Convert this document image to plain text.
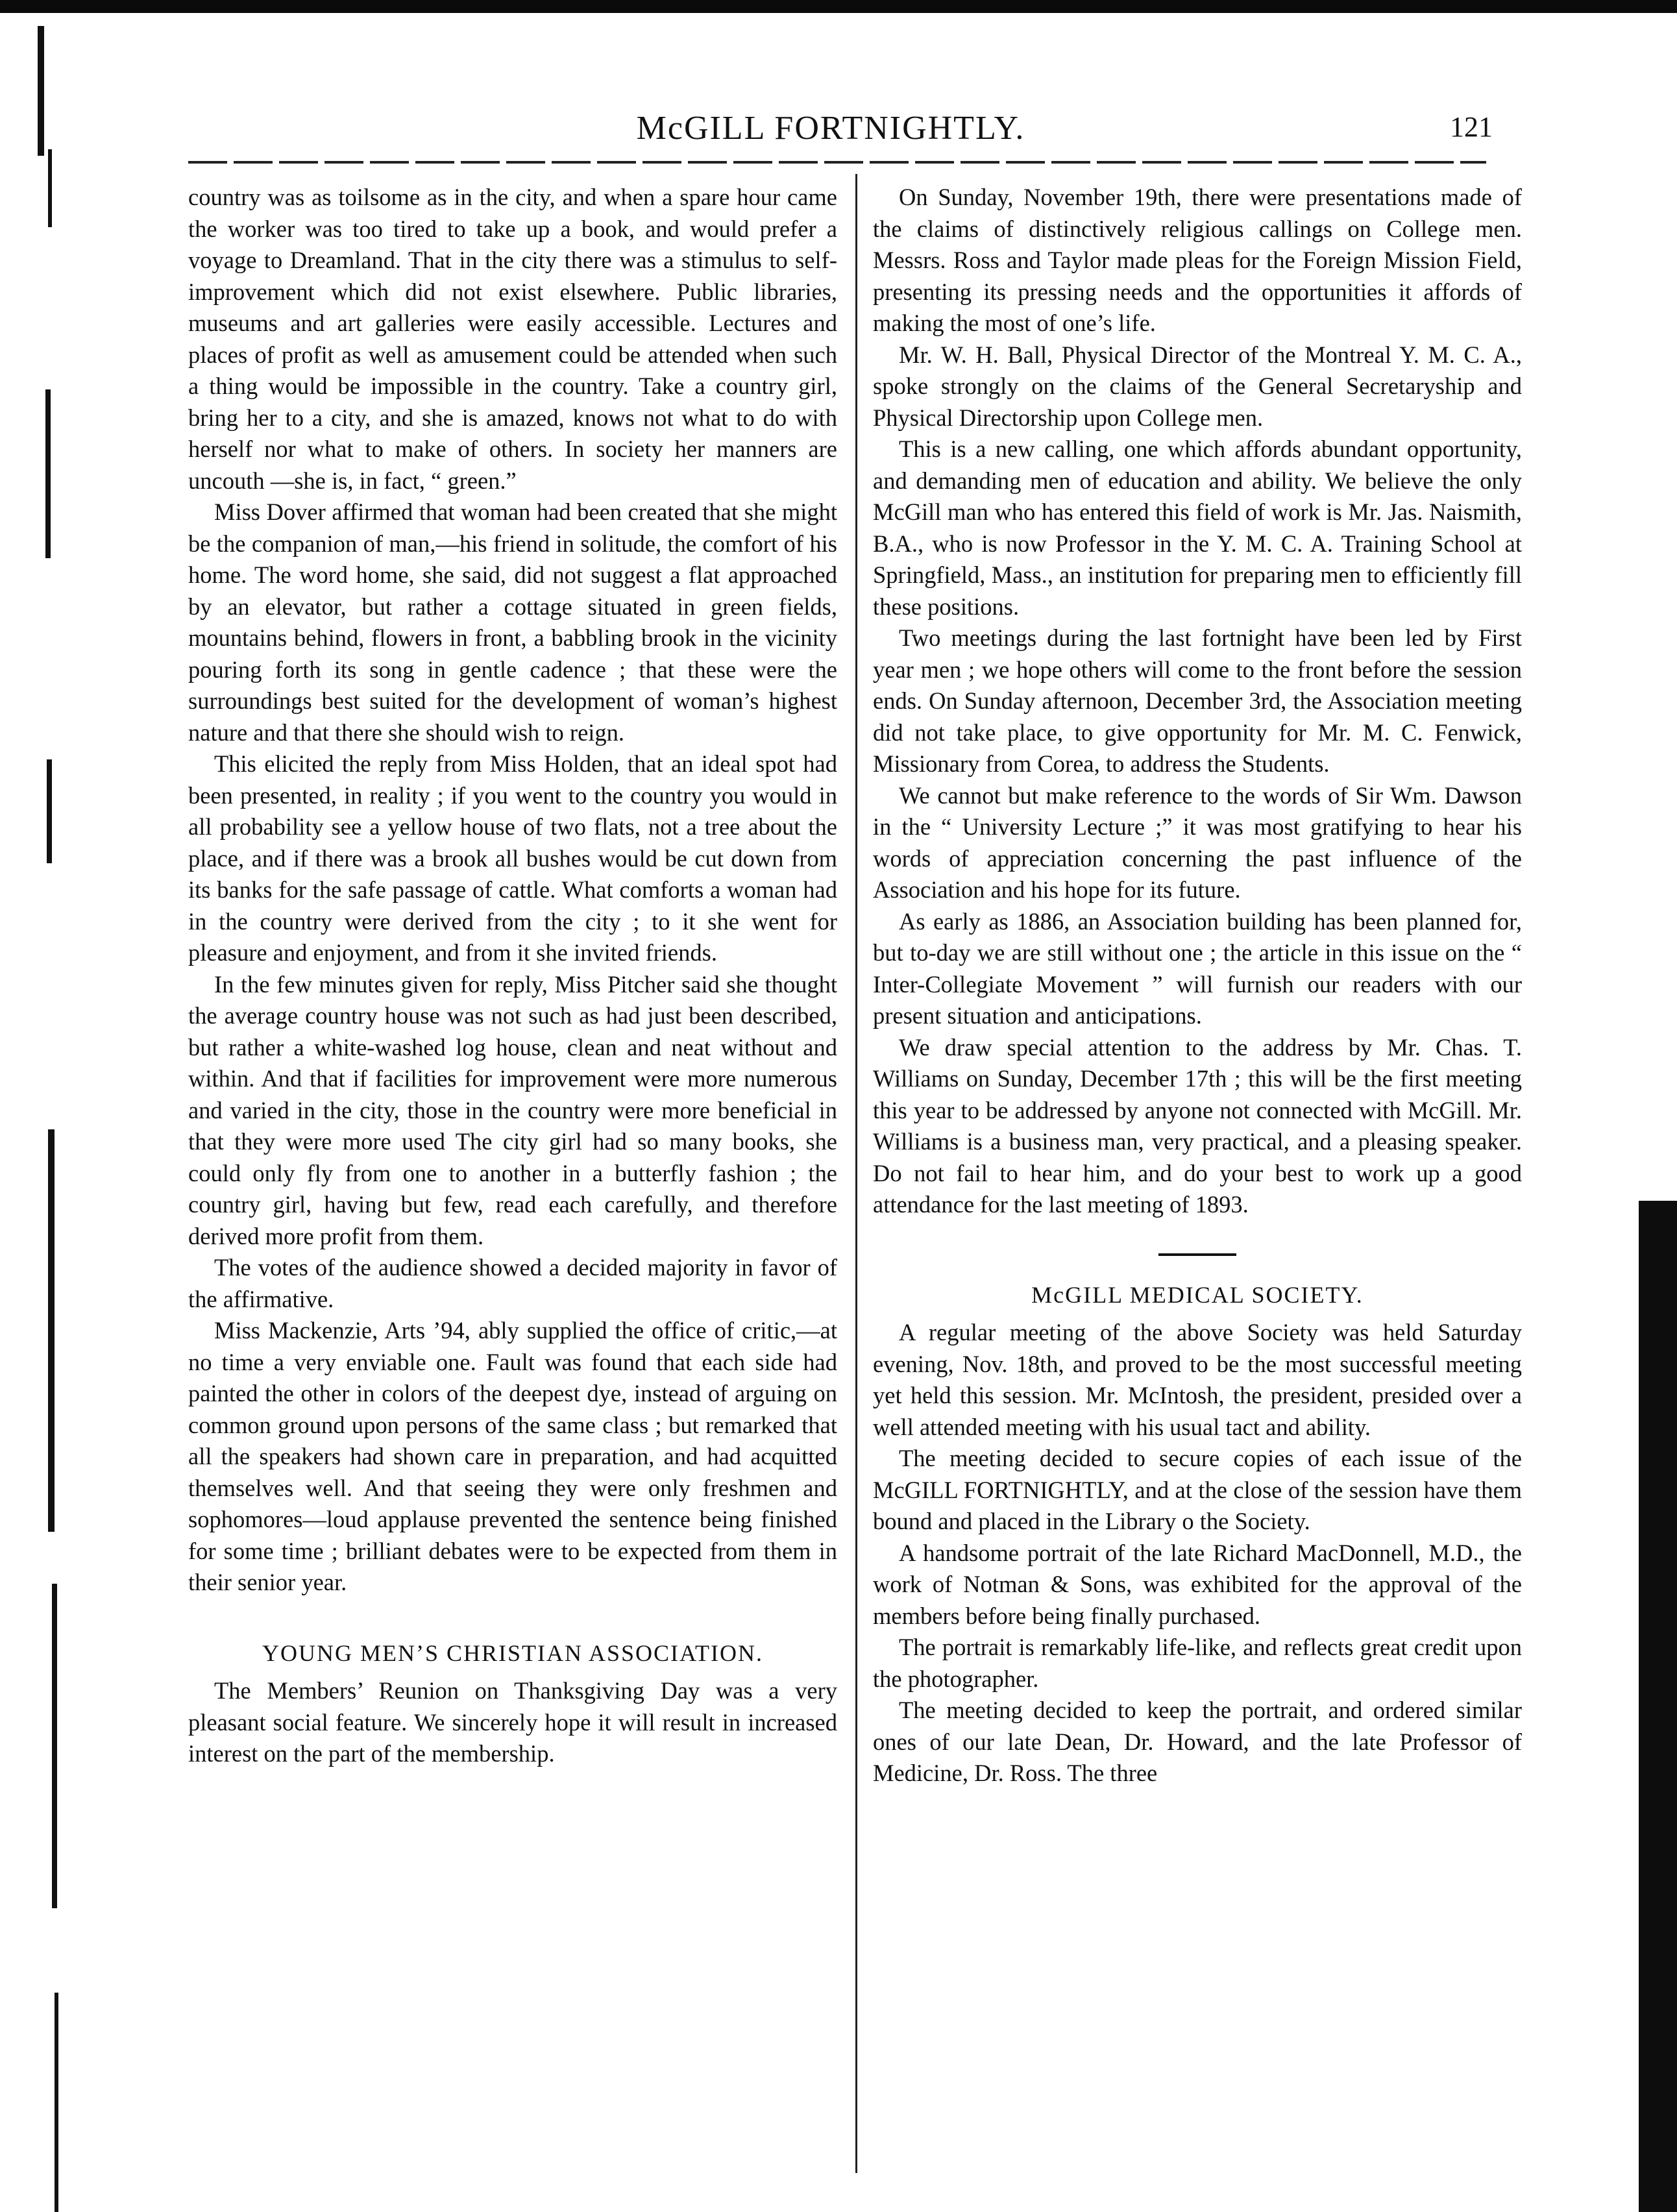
McGILL FORTNIGHTLY.	121

country was as toilsome as in the city, and when a spare hour came the worker was too tired to take up a book, and would prefer a voyage to Dreamland. That in the city there was a stimulus to self-improvement which did not exist elsewhere. Public libraries, museums and art galleries were easily accessible. Lectures and places of profit as well as amusement could be attended when such a thing would be impossible in the country. Take a country girl, bring her to a city, and she is amazed, knows not what to do with herself nor what to make of others. In society her manners are uncouth —she is, in fact, “ green.”

Miss Dover affirmed that woman had been created that she might be the companion of man,—his friend in solitude, the comfort of his home. The word home, she said, did not suggest a flat approached by an elevator, but rather a cottage situated in green fields, mountains behind, flowers in front, a babbling brook in the vicinity pouring forth its song in gentle cadence ; that these were the surroundings best suited for the development of woman’s highest nature and that there she should wish to reign.

This elicited the reply from Miss Holden, that an ideal spot had been presented, in reality ; if you went to the country you would in all probability see a yellow house of two flats, not a tree about the place, and if there was a brook all bushes would be cut down from its banks for the safe passage of cattle. What comforts a woman had in the country were derived from the city ; to it she went for pleasure and enjoyment, and from it she invited friends.

In the few minutes given for reply, Miss Pitcher said she thought the average country house was not such as had just been described, but rather a white-washed log house, clean and neat without and within. And that if facilities for improvement were more numerous and varied in the city, those in the country were more beneficial in that they were more used The city girl had so many books, she could only fly from one to another in a butterfly fashion ; the country girl, having but few, read each carefully, and therefore derived more profit from them.

The votes of the audience showed a decided majority in favor of the affirmative.

Miss Mackenzie, Arts ’94, ably supplied the office of critic,—at no time a very enviable one. Fault was found that each side had painted the other in colors of the deepest dye, instead of arguing on common ground upon persons of the same class ; but remarked that all the speakers had shown care in preparation, and had acquitted themselves well. And that seeing they were only freshmen and sophomores—loud applause prevented the sentence being finished for some time ; brilliant debates were to be expected from them in their senior year.

YOUNG MEN’S CHRISTIAN ASSOCIATION.

The Members’ Reunion on Thanksgiving Day was a very pleasant social feature. We sincerely hope it will result in increased interest on the part of the membership.

On Sunday, November 19th, there were presentations made of the claims of distinctively religious callings on College men. Messrs. Ross and Taylor made pleas for the Foreign Mission Field, presenting its pressing needs and the opportunities it affords of making the most of one’s life.

Mr. W. H. Ball, Physical Director of the Montreal Y. M. C. A., spoke strongly on the claims of the General Secretaryship and Physical Directorship upon College men.

This is a new calling, one which affords abundant opportunity, and demanding men of education and ability. We believe the only McGill man who has entered this field of work is Mr. Jas. Naismith, B.A., who is now Professor in the Y. M. C. A. Training School at Springfield, Mass., an institution for preparing men to efficiently fill these positions.

Two meetings during the last fortnight have been led by First year men ; we hope others will come to the front before the session ends. On Sunday afternoon, December 3rd, the Association meeting did not take place, to give opportunity for Mr. M. C. Fenwick, Missionary from Corea, to address the Students.

We cannot but make reference to the words of Sir Wm. Dawson in the “ University Lecture ;” it was most gratifying to hear his words of appreciation concerning the past influence of the Association and his hope for its future.

As early as 1886, an Association building has been planned for, but to-day we are still without one ; the article in this issue on the “ Inter-Collegiate Movement ” will furnish our readers with our present situation and anticipations.

We draw special attention to the address by Mr. Chas. T. Williams on Sunday, December 17th ; this will be the first meeting this year to be addressed by anyone not connected with McGill. Mr. Williams is a business man, very practical, and a pleasing speaker. Do not fail to hear him, and do your best to work up a good attendance for the last meeting of 1893.

McGILL MEDICAL SOCIETY.

A regular meeting of the above Society was held Saturday evening, Nov. 18th, and proved to be the most successful meeting yet held this session. Mr. McIntosh, the president, presided over a well attended meeting with his usual tact and ability.

The meeting decided to secure copies of each issue of the McGILL FORTNIGHTLY, and at the close of the session have them bound and placed in the Library o the Society.

A handsome portrait of the late Richard MacDonnell, M.D., the work of Notman & Sons, was exhibited for the approval of the members before being finally purchased.

The portrait is remarkably life-like, and reflects great credit upon the photographer.

The meeting decided to keep the portrait, and ordered similar ones of our late Dean, Dr. Howard, and the late Professor of Medicine, Dr. Ross. The three
